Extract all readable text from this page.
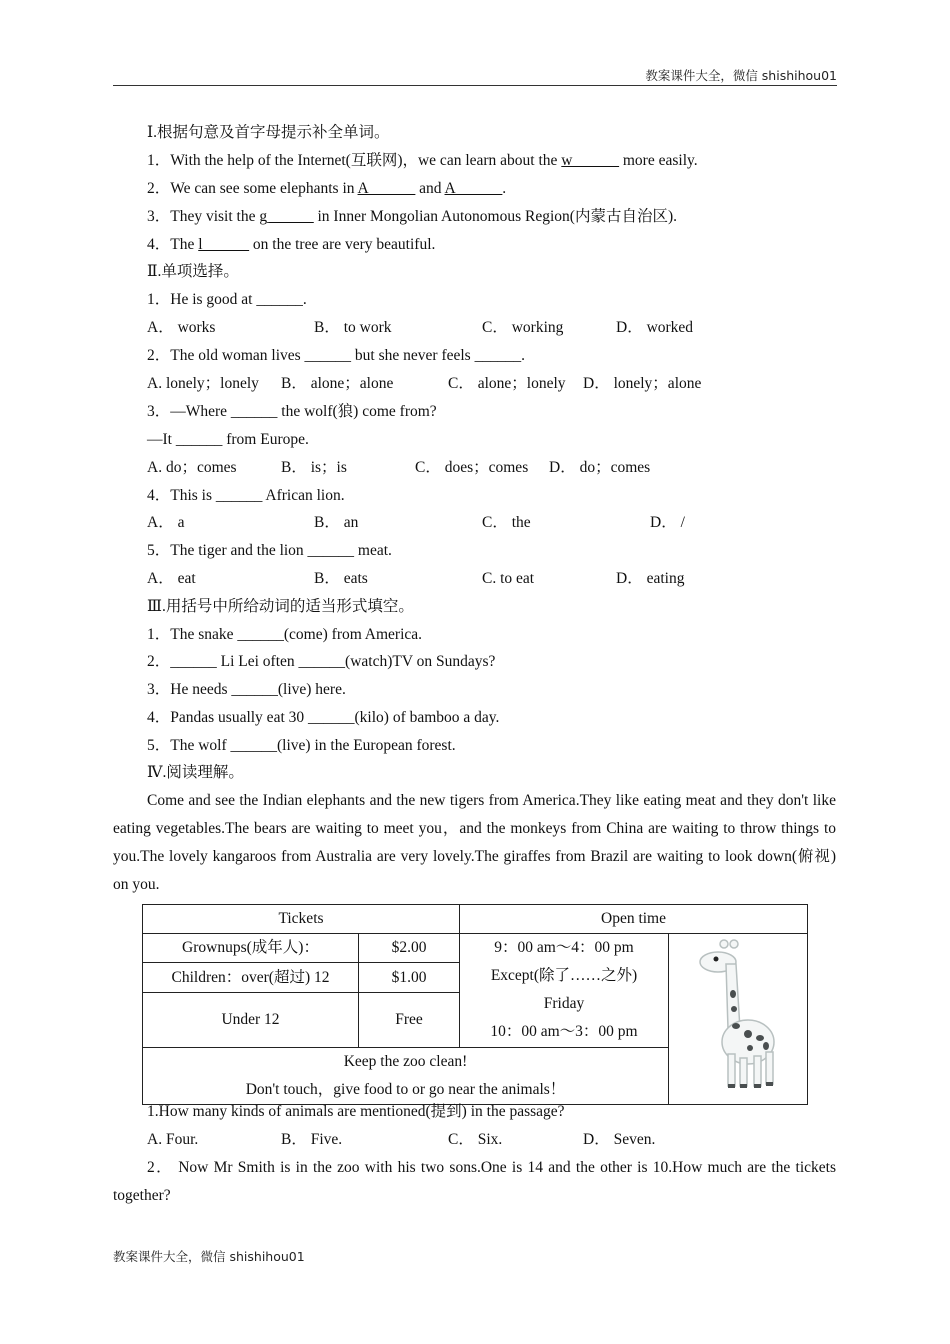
教案课件大全，微信 shishihou01
Ⅰ.根据句意及首字母提示补全单词。
1．With the help of the Internet(互联网)，we can learn about the w______ more easily.
2．We can see some elephants in A______ and A______.
3．They visit the g______ in Inner Mongolian Autonomous Region(内蒙古自治区).
4．The l______ on the tree are very beautiful.
Ⅱ.单项选择。
1．He is good at ______.
A． works	B． to work	C． working	D． worked
2．The old woman lives ______ but she never feels ______.
A. lonely；lonely B． alone；alone	C． alone；lonely D． lonely；alone
3．—Where ______ the wolf(狼) come from?
—It ______ from Europe.
A. do；comes	B． is；is	C． does；comes D． do；comes
4．This is ______ African lion.
A． a	B． an	C． the	D． /
5．The tiger and the lion ______ meat.
A． eat	B． eats	C. to eat	D． eating
Ⅲ.用括号中所给动词的适当形式填空。
1．The snake ______(come) from America.
2．______ Li Lei often ______(watch)TV on Sundays?
3．He needs ______(live) here.
4．Pandas usually eat 30 ______(kilo) of bamboo a day.
5．The wolf ______(live) in the European forest.
Ⅳ.阅读理解。
Come and see the Indian elephants and the new tigers from America.They like eating meat and they don't like eating vegetables.The bears are waiting to meet you，and the monkeys from China are waiting to throw things to you.The lovely kangaroos from Australia are very lovely.The giraffes from Brazil are waiting to look down(俯视) on you.
Tickets		Open time	
Grownups(成年人)：	$2.00	9：00 am～4：00 pm
Except(除了……之外)
Friday
10：00 am～3：00 pm

Children：over(超过) 12	$1.00		
Under 12	Free		

Keep the zoo clean!
Don't touch，give food to or go near the animals！			
1.How many kinds of animals are mentioned(提到) in the passage?
A. Four.	B． Five.	C． Six.	D． Seven.
2． Now Mr Smith is in the zoo with his two sons.One is 14 and the other is 10.How much are the tickets together?
教案课件大全，微信 shishihou01
